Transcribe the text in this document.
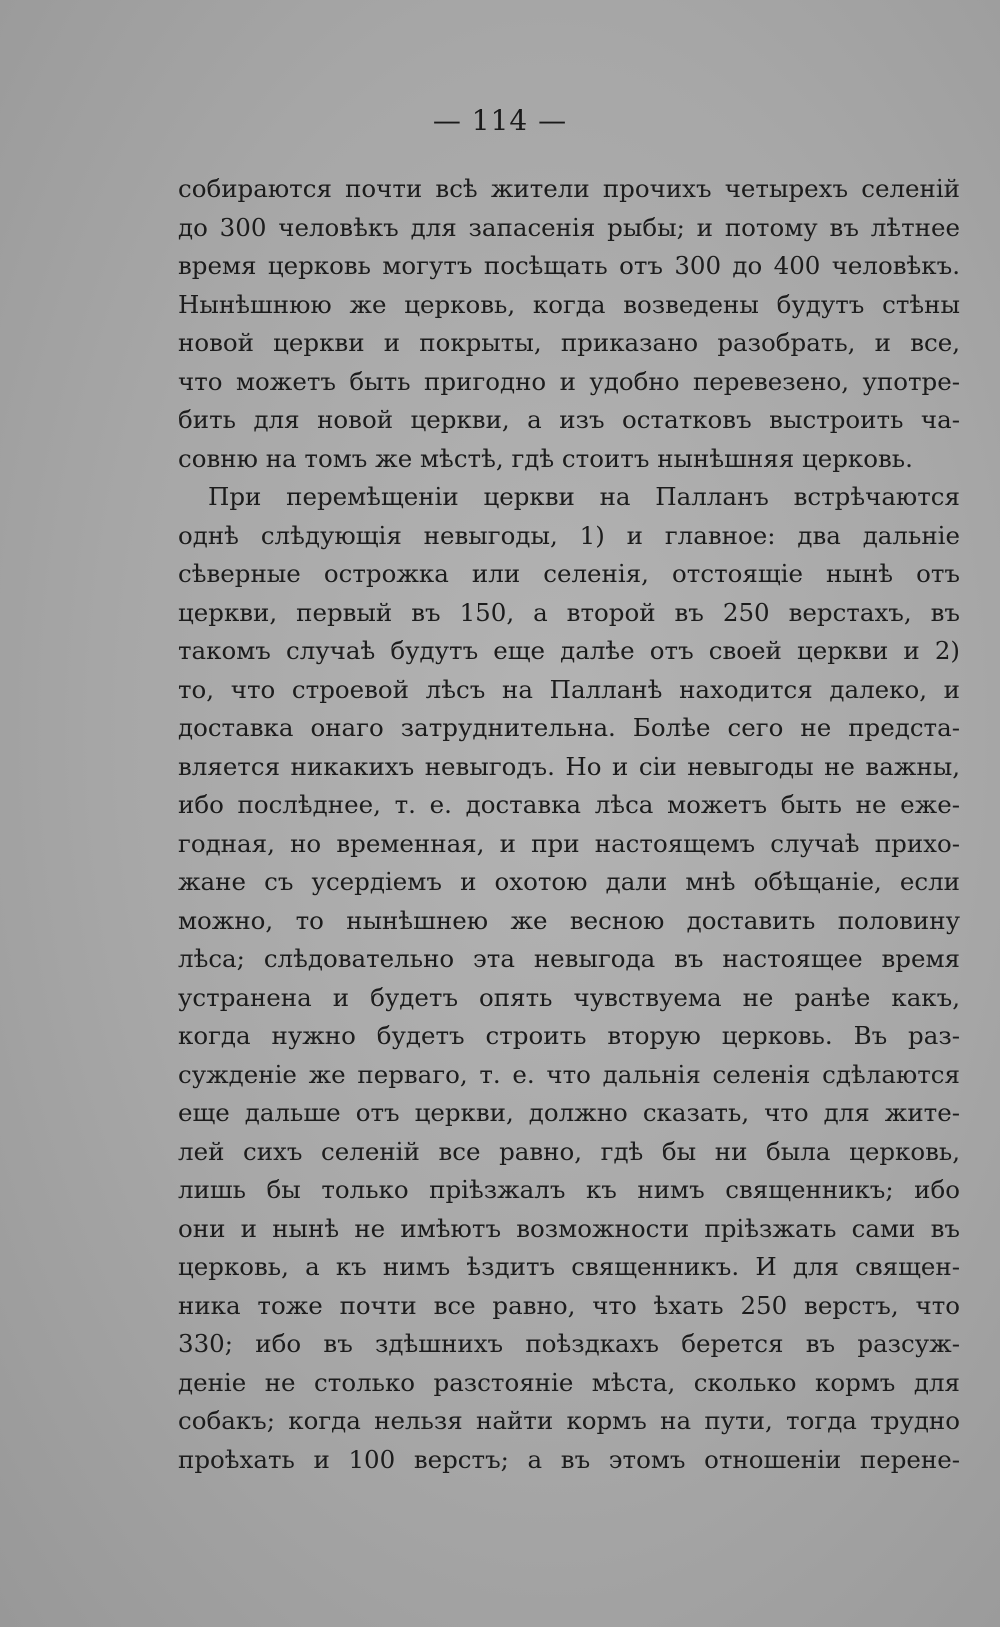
— 114 —
собираются почти всѣ жители прочихъ четырехъ селенiй
до 300 человѣкъ для запасенiя рыбы; и потому въ лѣтнее
время церковь могутъ посѣщать отъ 300 до 400 человѣкъ.
Нынѣшнюю же церковь, когда возведены будутъ стѣны
новой церкви и покрыты, приказано разобрать, и все,
что можетъ быть пригодно и удобно перевезено, употре-
бить для новой церкви, а изъ остатковъ выстроить ча-
совню на томъ же мѣстѣ, гдѣ стоитъ нынѣшняя церковь.
При перемѣщенiи церкви на Палланъ встрѣчаются
однѣ слѣдующiя невыгоды, 1) и главное: два дальнiе
сѣверные острожка или селенiя, отстоящiе нынѣ отъ
церкви, первый въ 150, а второй въ 250 верстахъ, въ
такомъ случаѣ будутъ еще далѣе отъ своей церкви и 2)
то, что строевой лѣсъ на Палланѣ находится далеко, и
доставка онаго затруднительна. Болѣе сего не предста-
вляется никакихъ невыгодъ. Но и сiи невыгоды не важны,
ибо послѣднее, т. е. доставка лѣса можетъ быть не еже-
годная, но временная, и при настоящемъ случаѣ прихо-
жане съ усердiемъ и охотою дали мнѣ обѣщанiе, если
можно, то нынѣшнею же весною доставить половину
лѣса; слѣдовательно эта невыгода въ настоящее время
устранена и будетъ опять чувствуема не ранѣе какъ,
когда нужно будетъ строить вторую церковь. Въ раз-
сужденiе же перваго, т. е. что дальнiя селенiя сдѣлаются
еще дальше отъ церкви, должно сказать, что для жите-
лей сихъ селенiй все равно, гдѣ бы ни была церковь,
лишь бы только прiѣзжалъ къ нимъ священникъ; ибо
они и нынѣ не имѣютъ возможности прiѣзжать сами въ
церковь, а къ нимъ ѣздитъ священникъ. И для священ-
ника тоже почти все равно, что ѣхать 250 верстъ, что
330; ибо въ здѣшнихъ поѣздкахъ берется въ разсуж-
денiе не столько разстоянiе мѣста, сколько кормъ для
собакъ; когда нельзя найти кормъ на пути, тогда трудно
проѣхать и 100 верстъ; а въ этомъ отношенiи перене-
